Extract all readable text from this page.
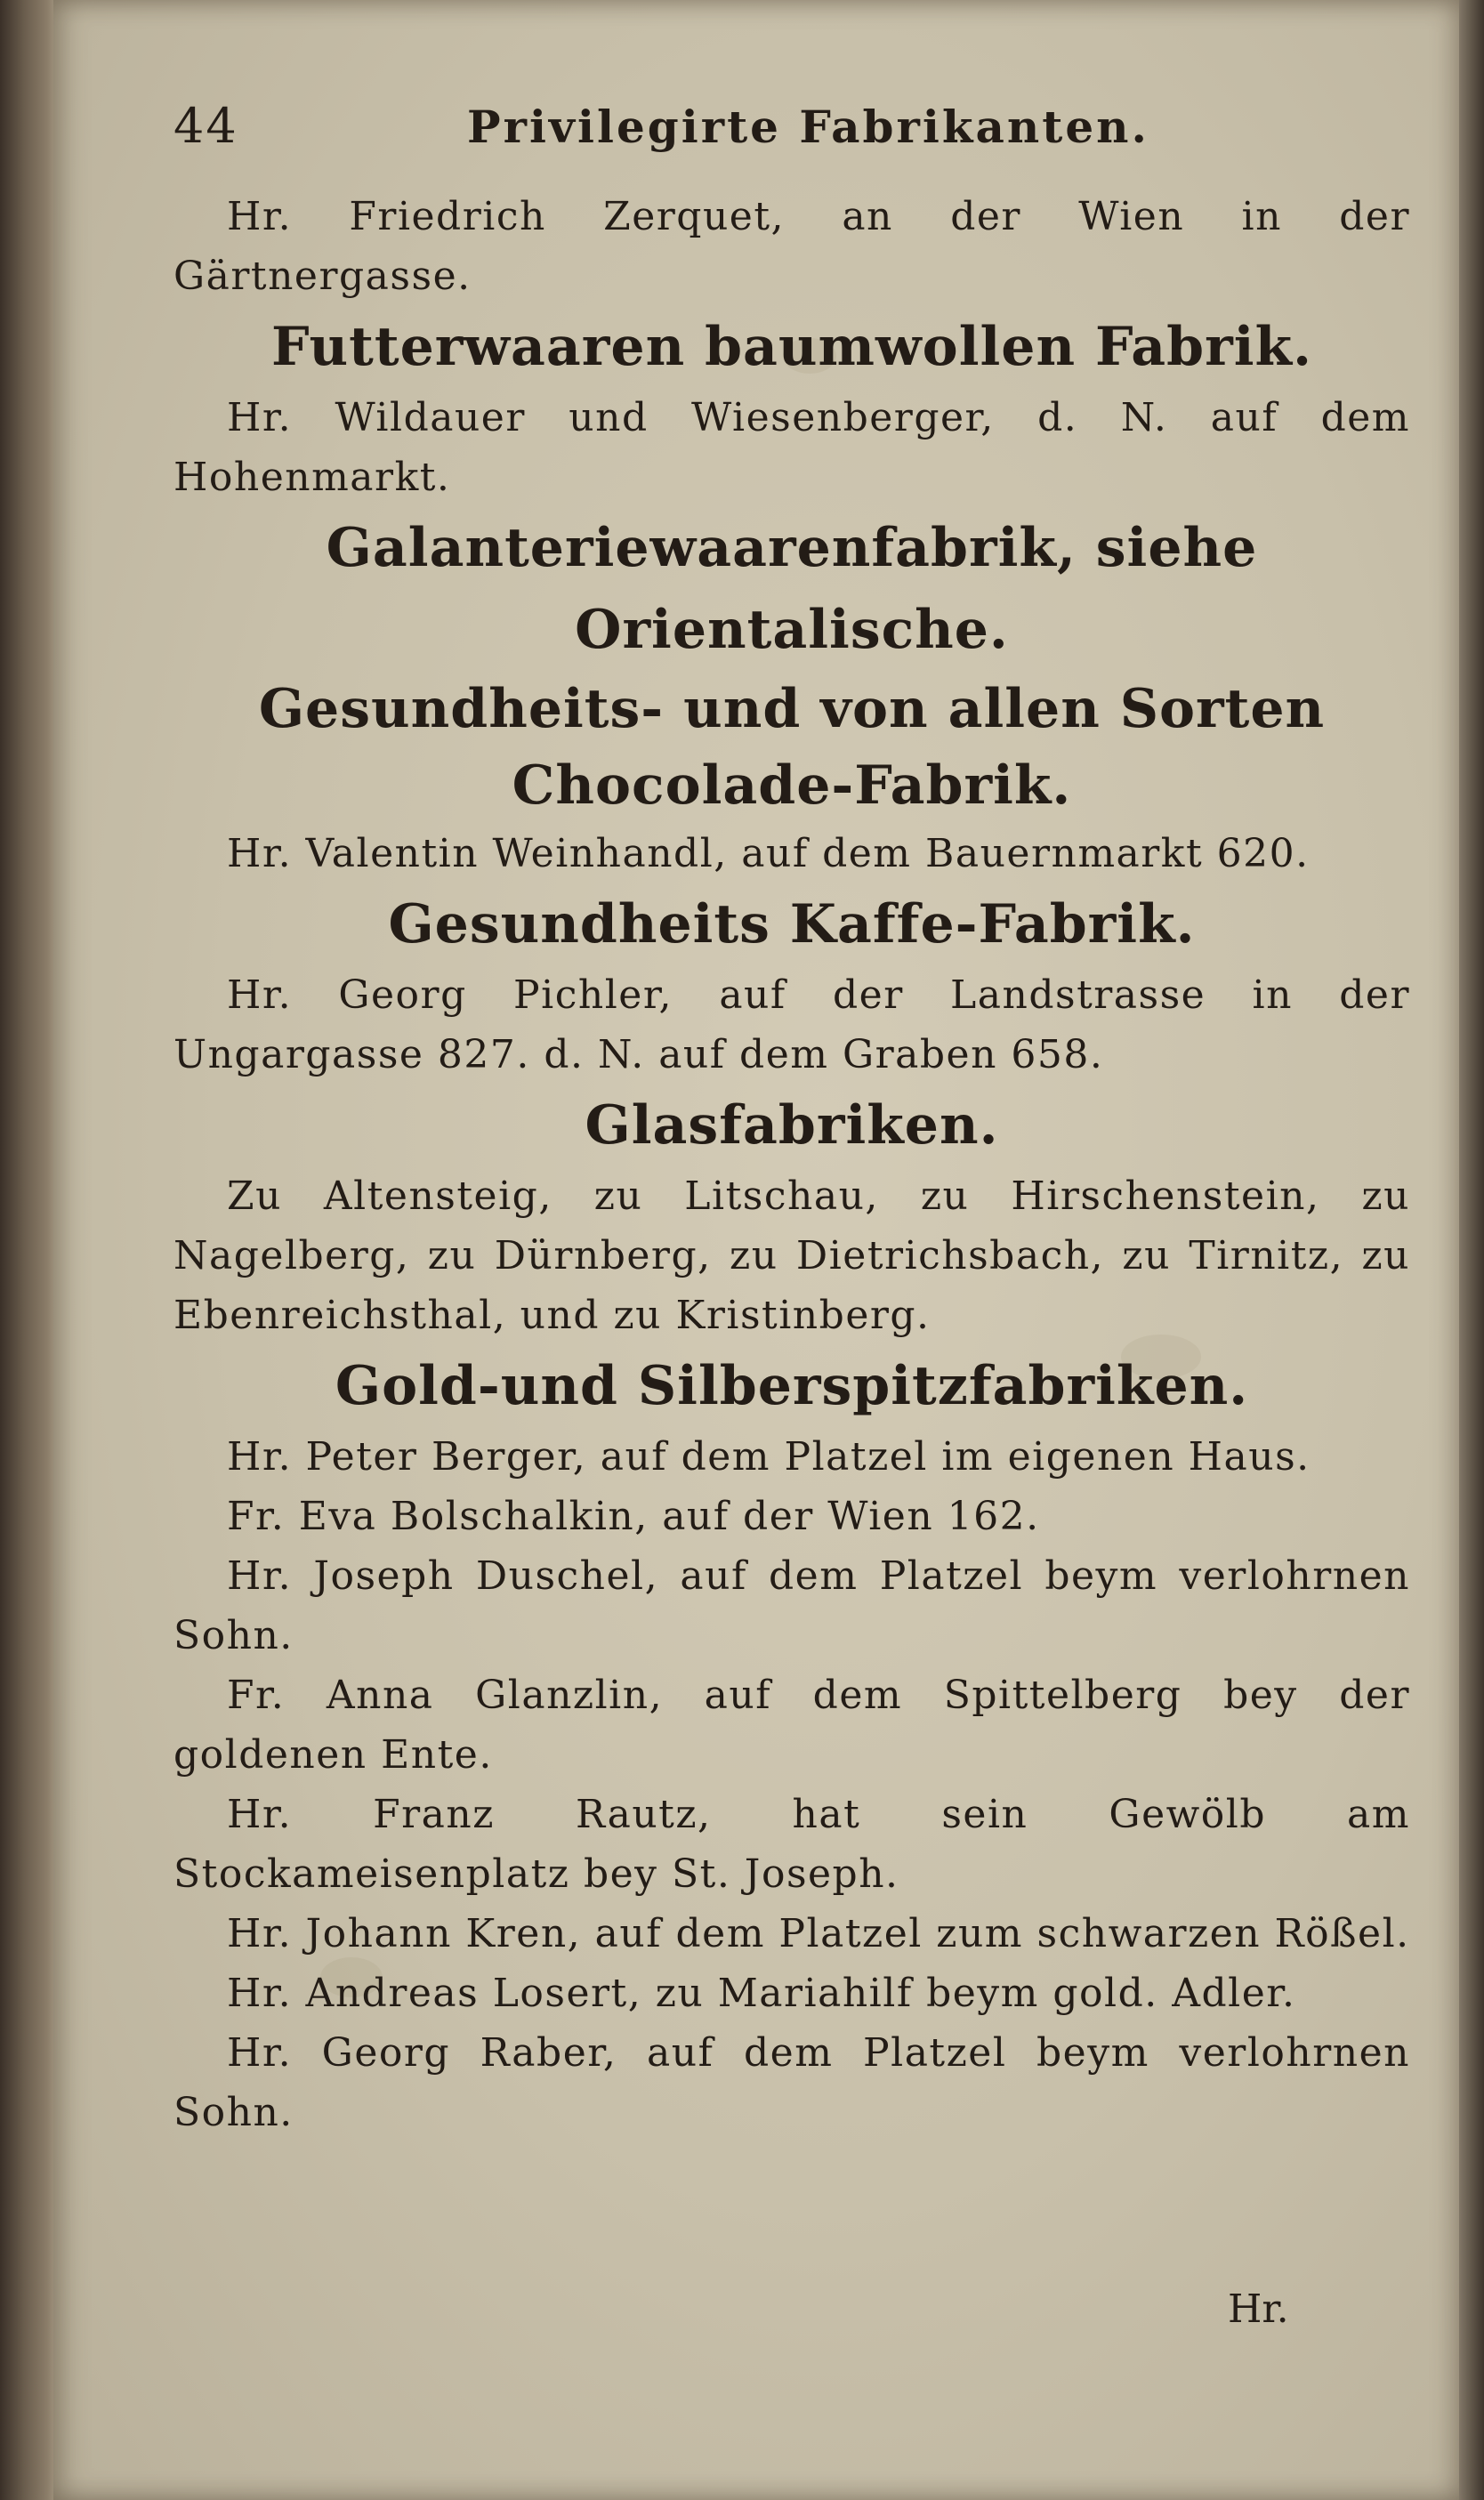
44	Privilegirte Fabrikanten.

Hr. Friedrich Zerquet, an der Wien in der Gärtnergasse.

Futterwaaren baumwollen Fabrik.

Hr. Wildauer und Wiesenberger, d. N. auf dem Hohenmarkt.

Galanteriewaarenfabrik, siehe Orientalische.
Gesundheits- und von allen Sorten Chocolade-Fabrik.

Hr. Valentin Weinhandl, auf dem Bauernmarkt 620.

Gesundheits Kaffe-Fabrik.

Hr. Georg Pichler, auf der Landstrasse in der Ungargasse 827. d. N. auf dem Graben 658.

Glasfabriken.

Zu Altensteig, zu Litschau, zu Hirschenstein, zu Nagelberg, zu Dürnberg, zu Dietrichsbach, zu Tirnitz, zu Ebenreichsthal, und zu Kristinberg.

Gold-und Silberspitzfabriken.

Hr. Peter Berger, auf dem Platzel im eigenen Haus.

Fr. Eva Bolschalkin, auf der Wien 162.

Hr. Joseph Duschel, auf dem Platzel beym verlohrnen Sohn.

Fr. Anna Glanzlin, auf dem Spittelberg bey der goldenen Ente.

Hr. Franz Rautz, hat sein Gewölb am Stockameisenplatz bey St. Joseph.

Hr. Johann Kren, auf dem Platzel zum schwarzen Rößel.

Hr. Andreas Losert, zu Mariahilf beym gold. Adler.

Hr. Georg Raber, auf dem Platzel beym verlohrnen Sohn.

Hr.
